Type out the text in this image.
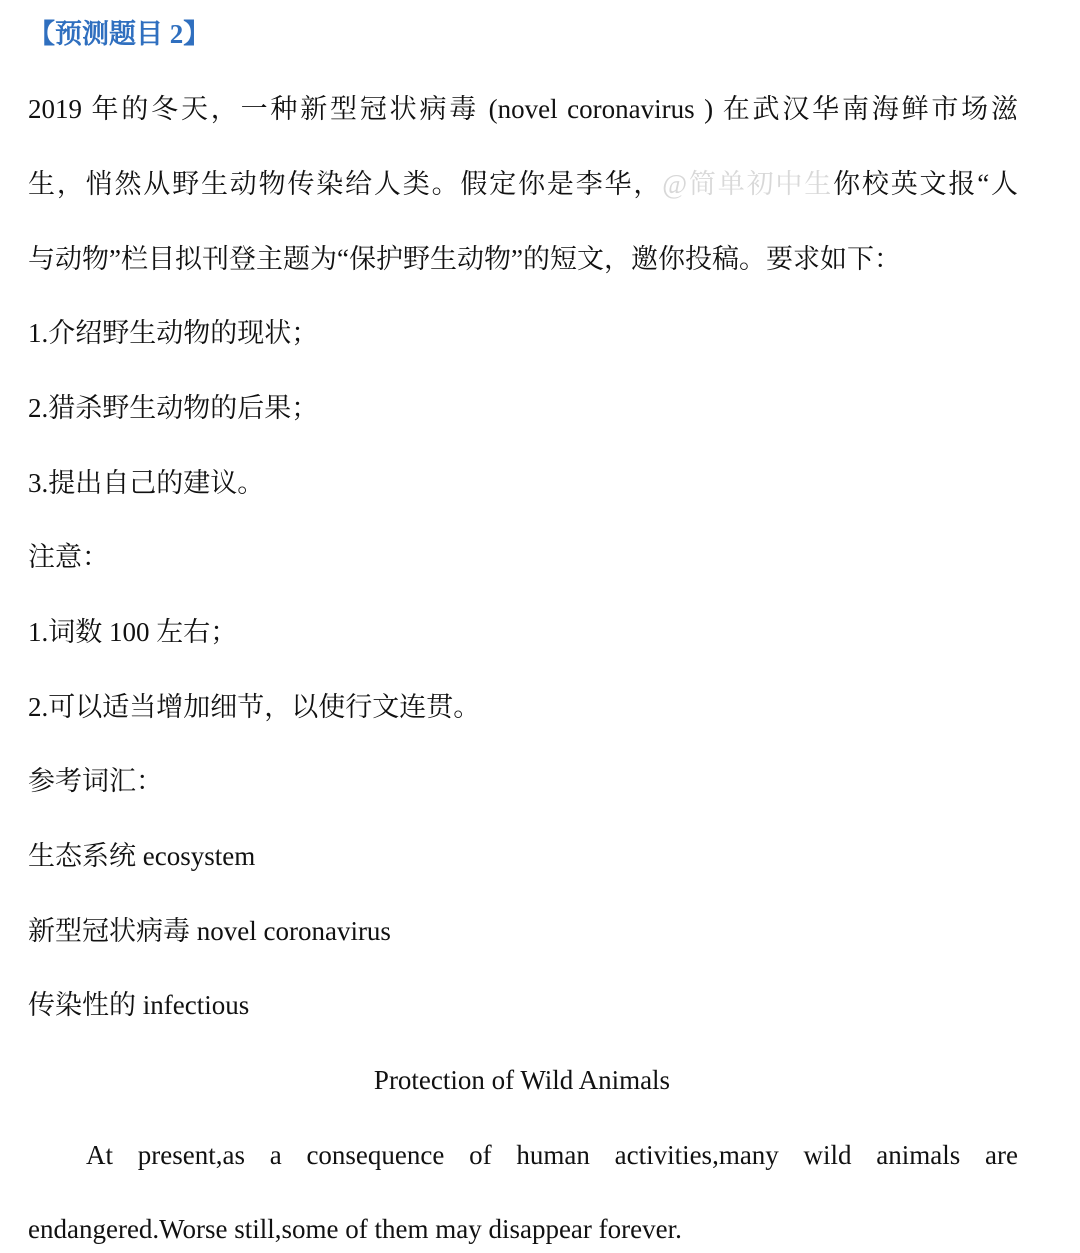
【预测题目 2】
2019 年的冬天，一种新型冠状病毒 (novel coronavirus ) 在武汉华南海鲜市场滋
生，悄然从野生动物传染给人类。假定你是李华，@简单初中生你校英文报“人
与动物”栏目拟刊登主题为“保护野生动物”的短文，邀你投稿。要求如下：
1.介绍野生动物的现状；
2.猎杀野生动物的后果；
3.提出自己的建议。
注意：
1.词数 100 左右；
2.可以适当增加细节，以使行文连贯。
参考词汇：
生态系统 ecosystem
新型冠状病毒 novel coronavirus
传染性的 infectious
Protection of Wild Animals
At present,as a consequence of human activities,many wild animals are
endangered.Worse still,some of them may disappear forever.
